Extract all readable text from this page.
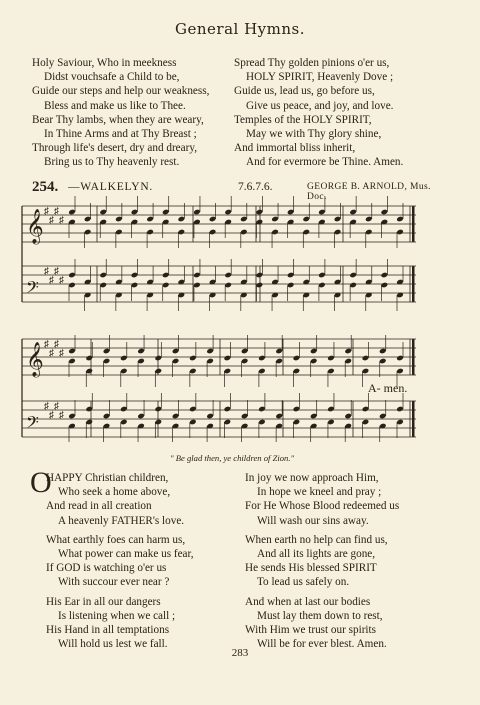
General Hymns.
Holy Saviour, Who in meekness
Didst vouchsafe a Child to be,
Guide our steps and help our weakness,
Bless and make us like to Thee.
Bear Thy lambs, when they are weary,
In Thine Arms and at Thy Breast ;
Through life's desert, dry and dreary,
Bring us to Thy heavenly rest.
Spread Thy golden pinions o'er us,
HOLY SPIRIT, Heavenly Dove ;
Guide us, lead us, go before us,
Give us peace, and joy, and love.
Temples of the HOLY SPIRIT,
May we with Thy glory shine,
And immortal bliss inherit,
And for evermore be Thine. Amen.
254. —WALKELYN.	7.6.7.6.	GEORGE B. ARNOLD, Mus. Doc.
𝄞 ♯
♯
♯
♯
𝄢
♯
♯
♯
♯
𝄞 ♯
♯
♯
♯
𝄢
♯
♯
♯
♯
A- men.
" Be glad then, ye children of Zion."
O
HAPPY Christian children,
Who seek a home above,
And read in all creation
A heavenly FATHER's love.
What earthly foes can harm us,
What power can make us fear,
If GOD is watching o'er us
With succour ever near ?
His Ear in all our dangers
Is listening when we call ;
His Hand in all temptations
Will hold us lest we fall.
In joy we now approach Him,
In hope we kneel and pray ;
For He Whose Blood redeemed us
Will wash our sins away.
When earth no help can find us,
And all its lights are gone,
He sends His blessed SPIRIT
To lead us safely on.
And when at last our bodies
Must lay them down to rest,
With Him we trust our spirits
Will be for ever blest. Amen.
283
